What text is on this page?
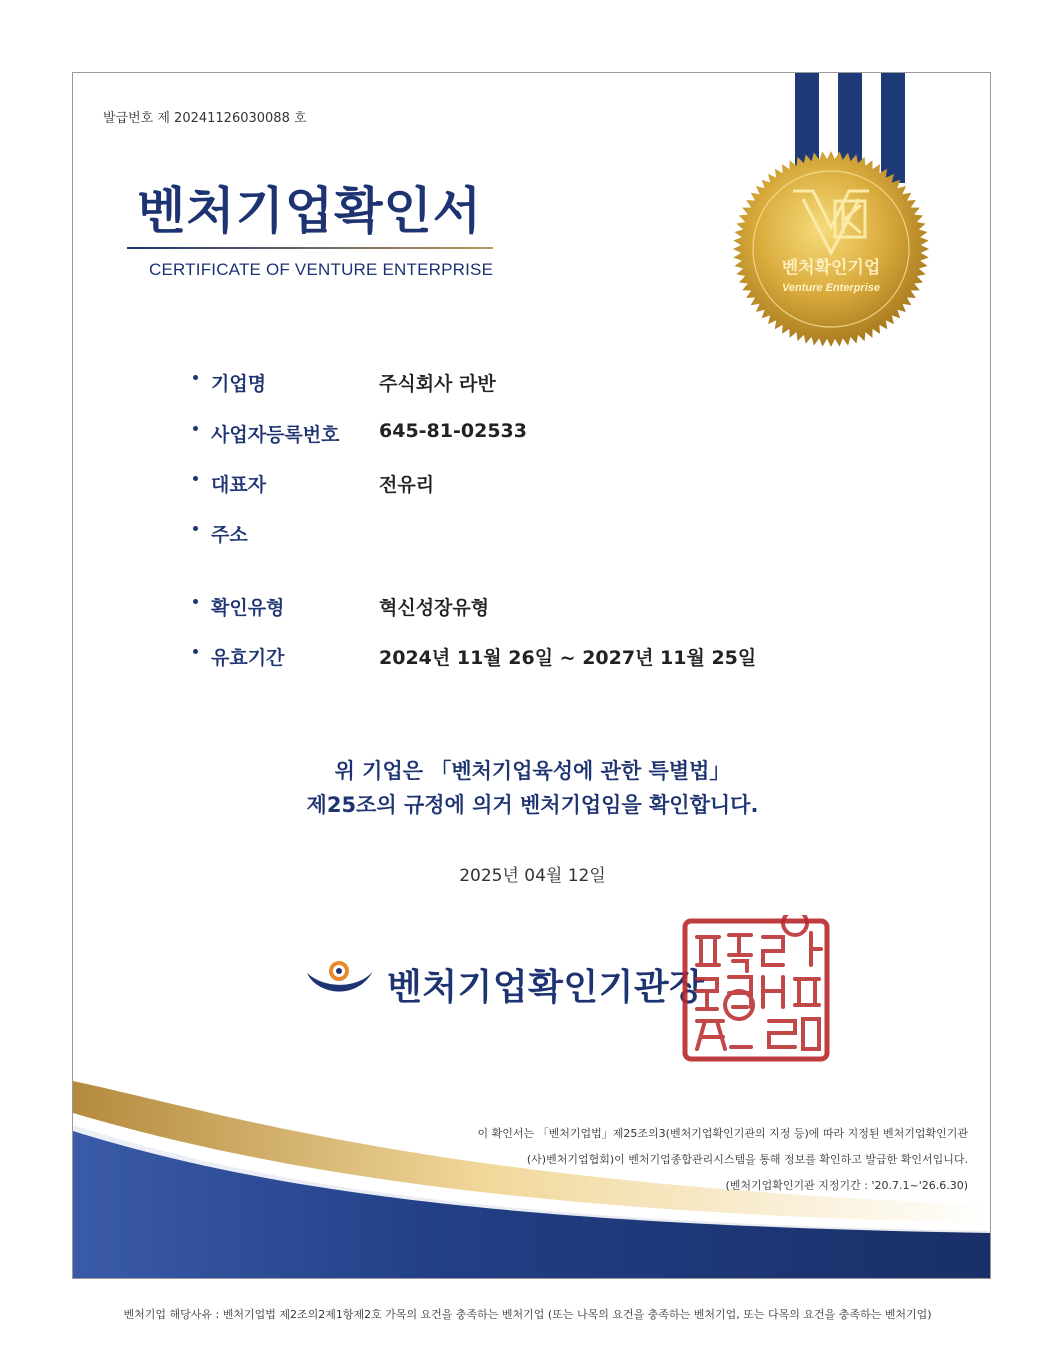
발급번호 제 20241126030088 호
벤처기업확인서
CERTIFICATE OF VENTURE ENTERPRISE	벤처확인기업
Venture Enterprise
기업명	주식회사 라반
사업자등록번호 645-81-02533
대표자	전유리
주소
확인유형	혁신성장유형
유효기간	2024년 11월 26일 ~ 2027년 11월 25일
위 기업은 「벤처기업육성에 관한 특별법」
제25조의 규정에 의거 벤처기업임을 확인합니다.
2025년 04월 12일
벤처기업확인기관장
이 확인서는 「벤처기업법」제25조의3(벤처기업확인기관의 지정 등)에 따라 지정된 벤처기업확인기관
(사)벤처기업협회)이 벤처기업종합관리시스템을 통해 정보를 확인하고 발급한 확인서입니다.
(벤처기업확인기관 지정기간 : '20.7.1~'26.6.30)
벤처기업 해당사유 : 벤처기업법 제2조의2제1항제2호 가목의 요건을 충족하는 벤처기업 (또는 나목의 요건을 충족하는 벤처기업, 또는 다목의 요건을 충족하는 벤처기업)
